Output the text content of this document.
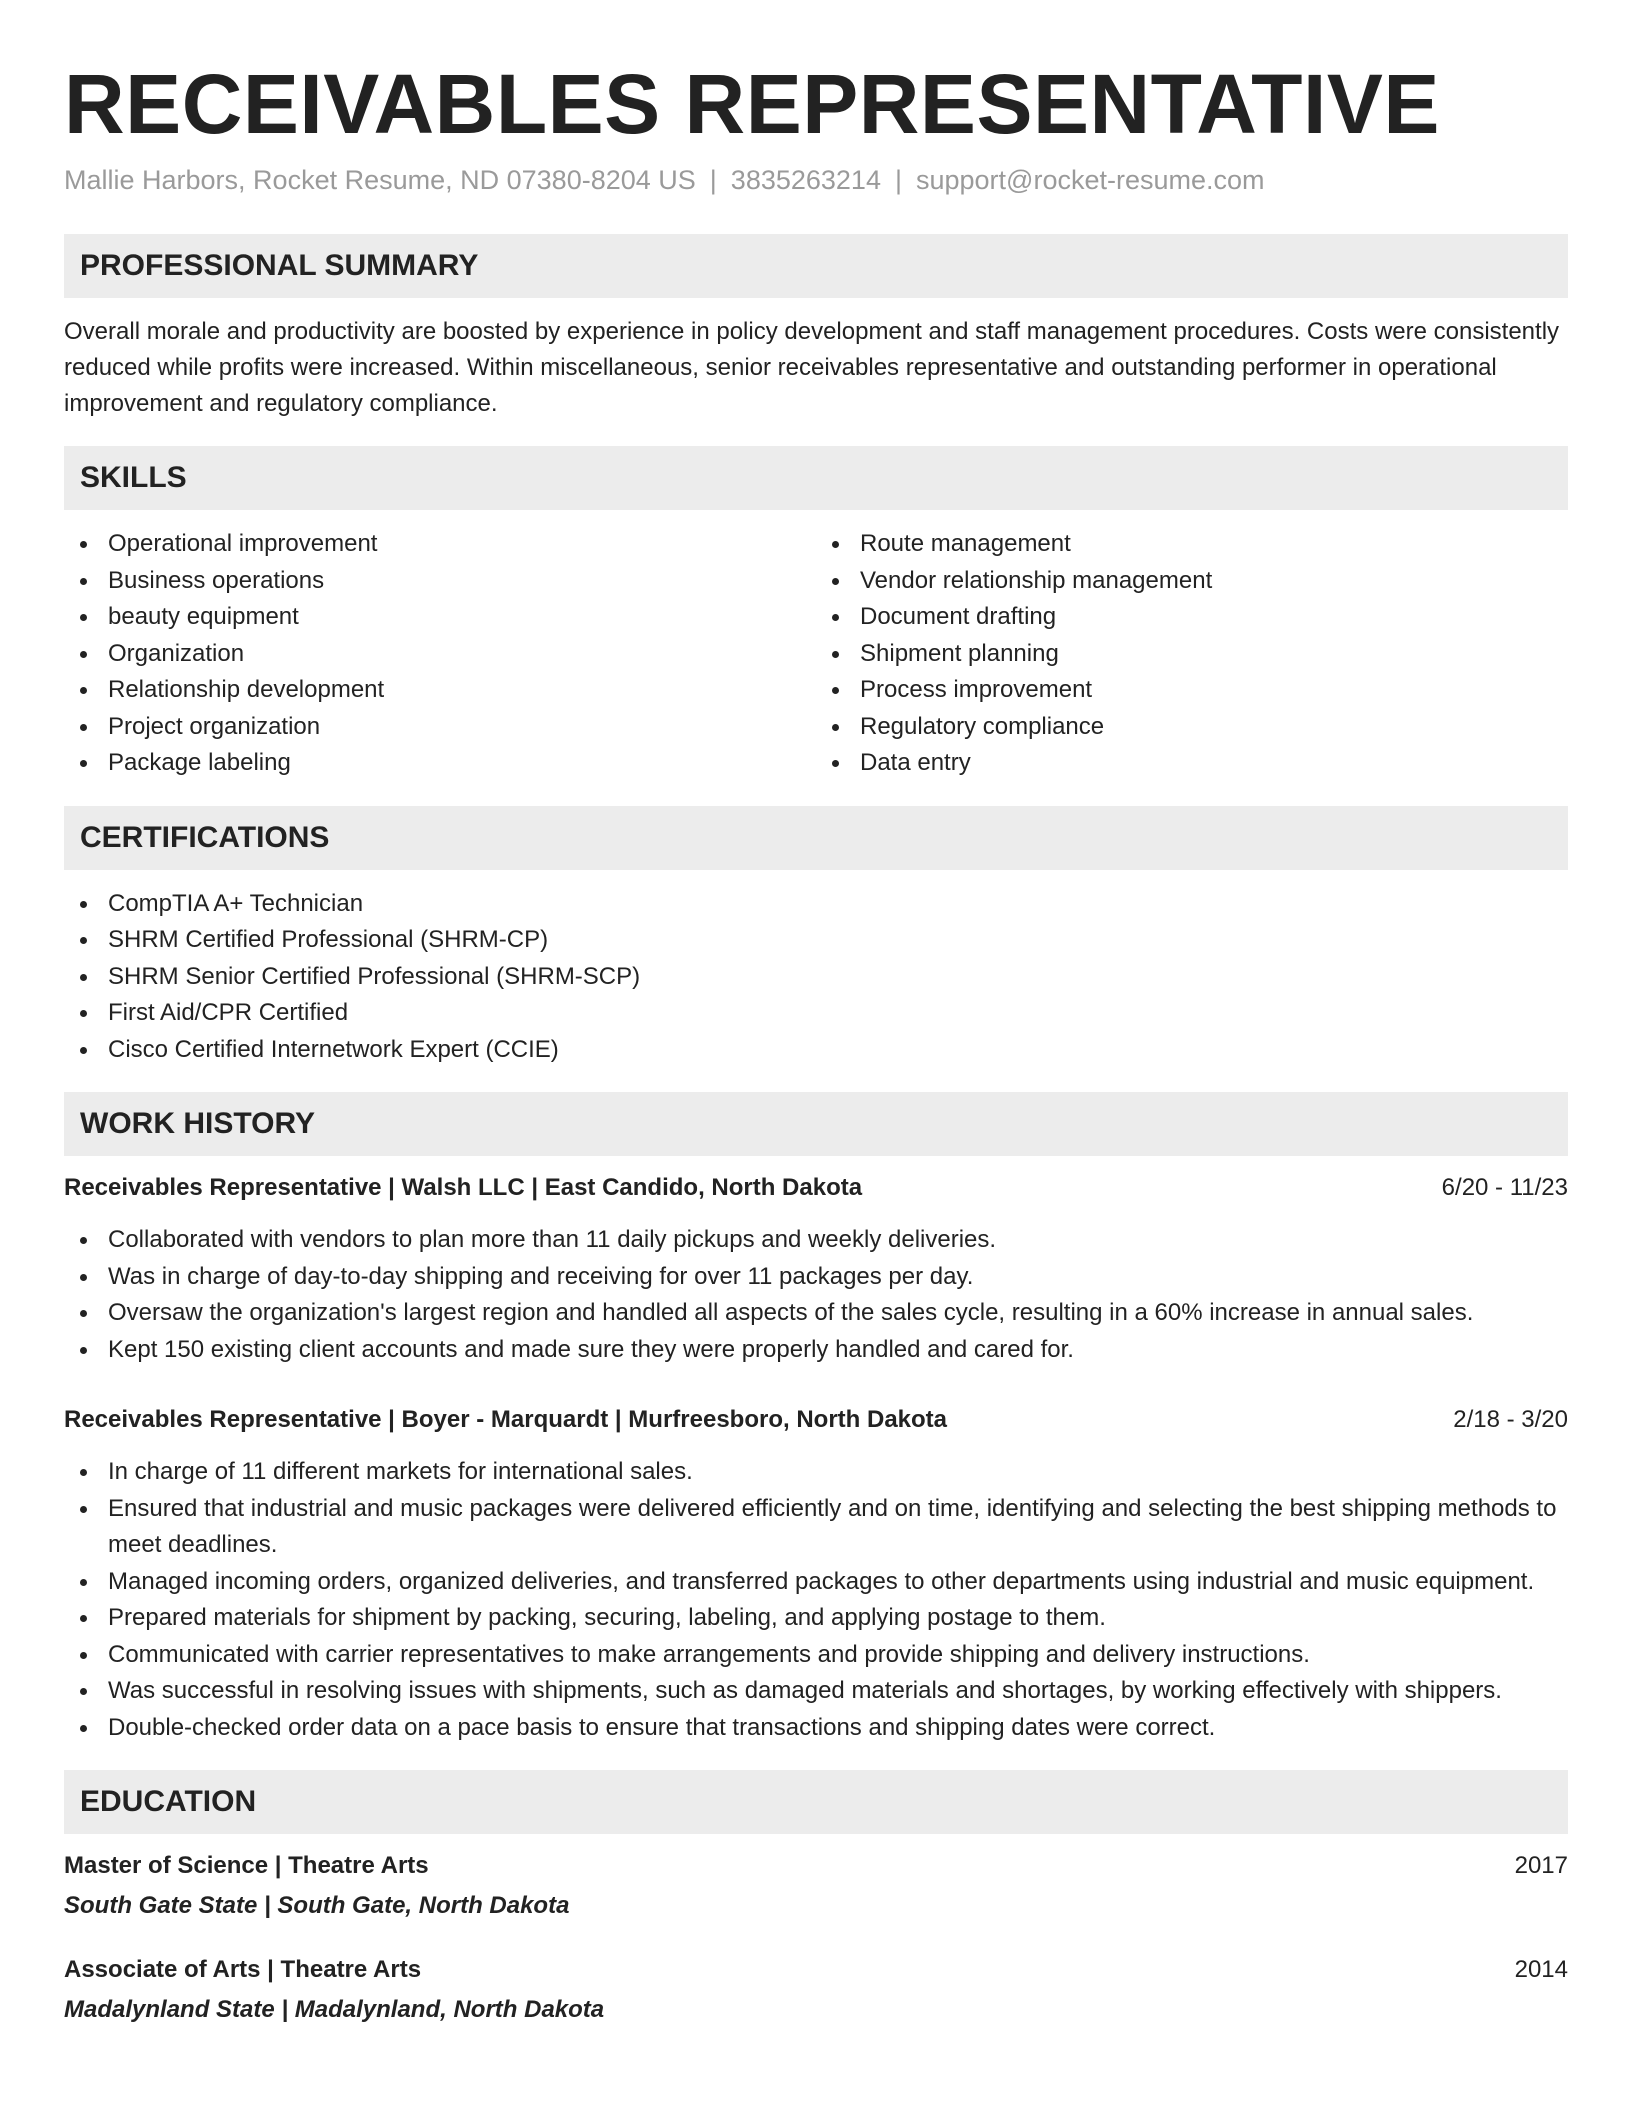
RECEIVABLES REPRESENTATIVE
Mallie Harbors, Rocket Resume, ND 07380-8204 US | 3835263214 | support@rocket-resume.com
PROFESSIONAL SUMMARY
Overall morale and productivity are boosted by experience in policy development and staff management procedures. Costs were consistently reduced while profits were increased. Within miscellaneous, senior receivables representative and outstanding performer in operational improvement and regulatory compliance.
SKILLS
Operational improvement
Business operations
beauty equipment
Organization
Relationship development
Project organization
Package labeling
Route management
Vendor relationship management
Document drafting
Shipment planning
Process improvement
Regulatory compliance
Data entry
CERTIFICATIONS
CompTIA A+ Technician
SHRM Certified Professional (SHRM-CP)
SHRM Senior Certified Professional (SHRM-SCP)
First Aid/CPR Certified
Cisco Certified Internetwork Expert (CCIE)
WORK HISTORY
Receivables Representative | Walsh LLC | East Candido, North Dakota	6/20 - 11/23
Collaborated with vendors to plan more than 11 daily pickups and weekly deliveries.
Was in charge of day-to-day shipping and receiving for over 11 packages per day.
Oversaw the organization's largest region and handled all aspects of the sales cycle, resulting in a 60% increase in annual sales.
Kept 150 existing client accounts and made sure they were properly handled and cared for.
Receivables Representative | Boyer - Marquardt | Murfreesboro, North Dakota	2/18 - 3/20
In charge of 11 different markets for international sales.
Ensured that industrial and music packages were delivered efficiently and on time, identifying and selecting the best shipping methods to meet deadlines.
Managed incoming orders, organized deliveries, and transferred packages to other departments using industrial and music equipment.
Prepared materials for shipment by packing, securing, labeling, and applying postage to them.
Communicated with carrier representatives to make arrangements and provide shipping and delivery instructions.
Was successful in resolving issues with shipments, such as damaged materials and shortages, by working effectively with shippers.
Double-checked order data on a pace basis to ensure that transactions and shipping dates were correct.
EDUCATION
Master of Science | Theatre Arts	2017
South Gate State | South Gate, North Dakota
Associate of Arts | Theatre Arts	2014
Madalynland State | Madalynland, North Dakota
